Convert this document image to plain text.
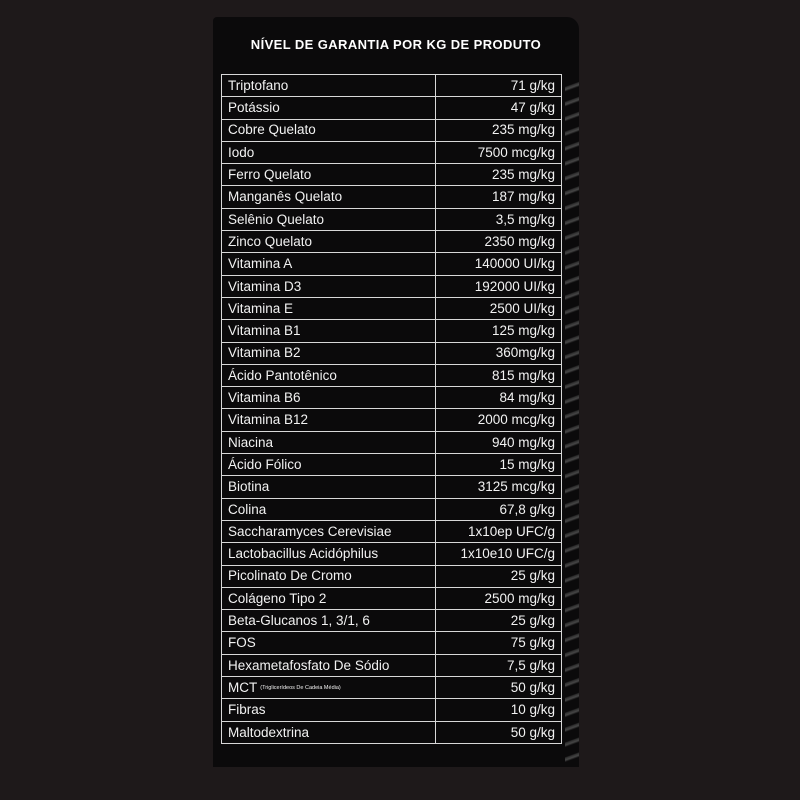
NÍVEL DE GARANTIA POR KG DE PRODUTO
Triptofano	71 g/kg
Potássio	47 g/kg
Cobre Quelato	235 mg/kg
Iodo	7500 mcg/kg
Ferro Quelato	235 mg/kg
Manganês Quelato	187 mg/kg
Selênio Quelato	3,5 mg/kg
Zinco Quelato	2350 mg/kg
Vitamina A	140000 UI/kg
Vitamina D3	192000 UI/kg
Vitamina E	2500 UI/kg
Vitamina B1	125 mg/kg
Vitamina B2	360mg/kg
Ácido Pantotênico	815 mg/kg
Vitamina B6	84 mg/kg
Vitamina B12	2000 mcg/kg
Niacina	940 mg/kg
Ácido Fólico	15 mg/kg
Biotina	3125 mcg/kg
Colina	67,8 g/kg
Saccharamyces Cerevisiae	1x10ep UFC/g
Lactobacillus Acidóphilus	1x10e10 UFC/g
Picolinato De Cromo	25 g/kg
Colágeno Tipo 2	2500 mg/kg
Beta-Glucanos 1, 3/1, 6	25 g/kg
FOS	75 g/kg
Hexametafosfato De Sódio	7,5 g/kg
MCT (Triglicerídeos De Cadeia Média)	50 g/kg
Fibras	10 g/kg
Maltodextrina	50 g/kg
